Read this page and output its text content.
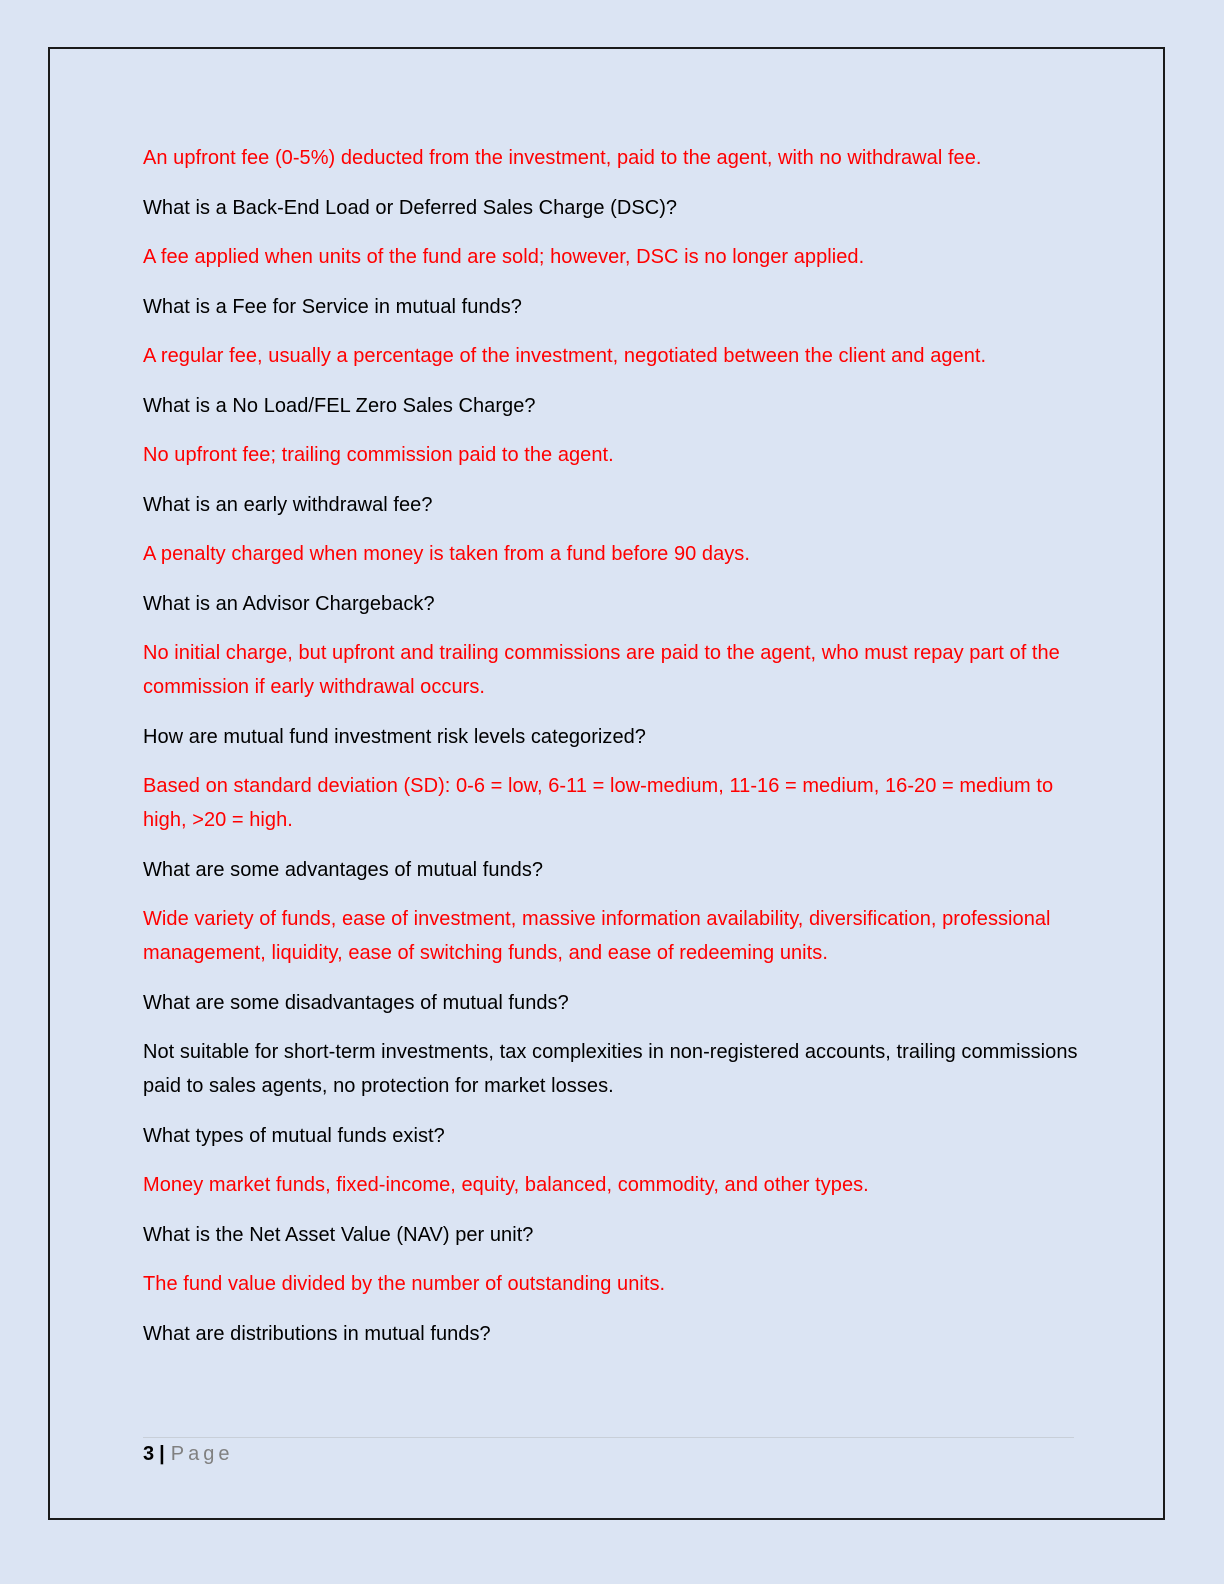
An upfront fee (0-5%) deducted from the investment, paid to the agent, with no withdrawal fee.

What is a Back-End Load or Deferred Sales Charge (DSC)?

A fee applied when units of the fund are sold; however, DSC is no longer applied.

What is a Fee for Service in mutual funds?

A regular fee, usually a percentage of the investment, negotiated between the client and agent.

What is a No Load/FEL Zero Sales Charge?

No upfront fee; trailing commission paid to the agent.

What is an early withdrawal fee?

A penalty charged when money is taken from a fund before 90 days.

What is an Advisor Chargeback?

No initial charge, but upfront and trailing commissions are paid to the agent, who must repay part of the commission if early withdrawal occurs.

How are mutual fund investment risk levels categorized?

Based on standard deviation (SD): 0-6 = low, 6-11 = low-medium, 11-16 = medium, 16-20 = medium to high, >20 = high.

What are some advantages of mutual funds?

Wide variety of funds, ease of investment, massive information availability, diversification, professional management, liquidity, ease of switching funds, and ease of redeeming units.

What are some disadvantages of mutual funds?

Not suitable for short-term investments, tax complexities in non-registered accounts, trailing commissions paid to sales agents, no protection for market losses.

What types of mutual funds exist?

Money market funds, fixed-income, equity, balanced, commodity, and other types.

What is the Net Asset Value (NAV) per unit?

The fund value divided by the number of outstanding units.

What are distributions in mutual funds?

3 | Page
